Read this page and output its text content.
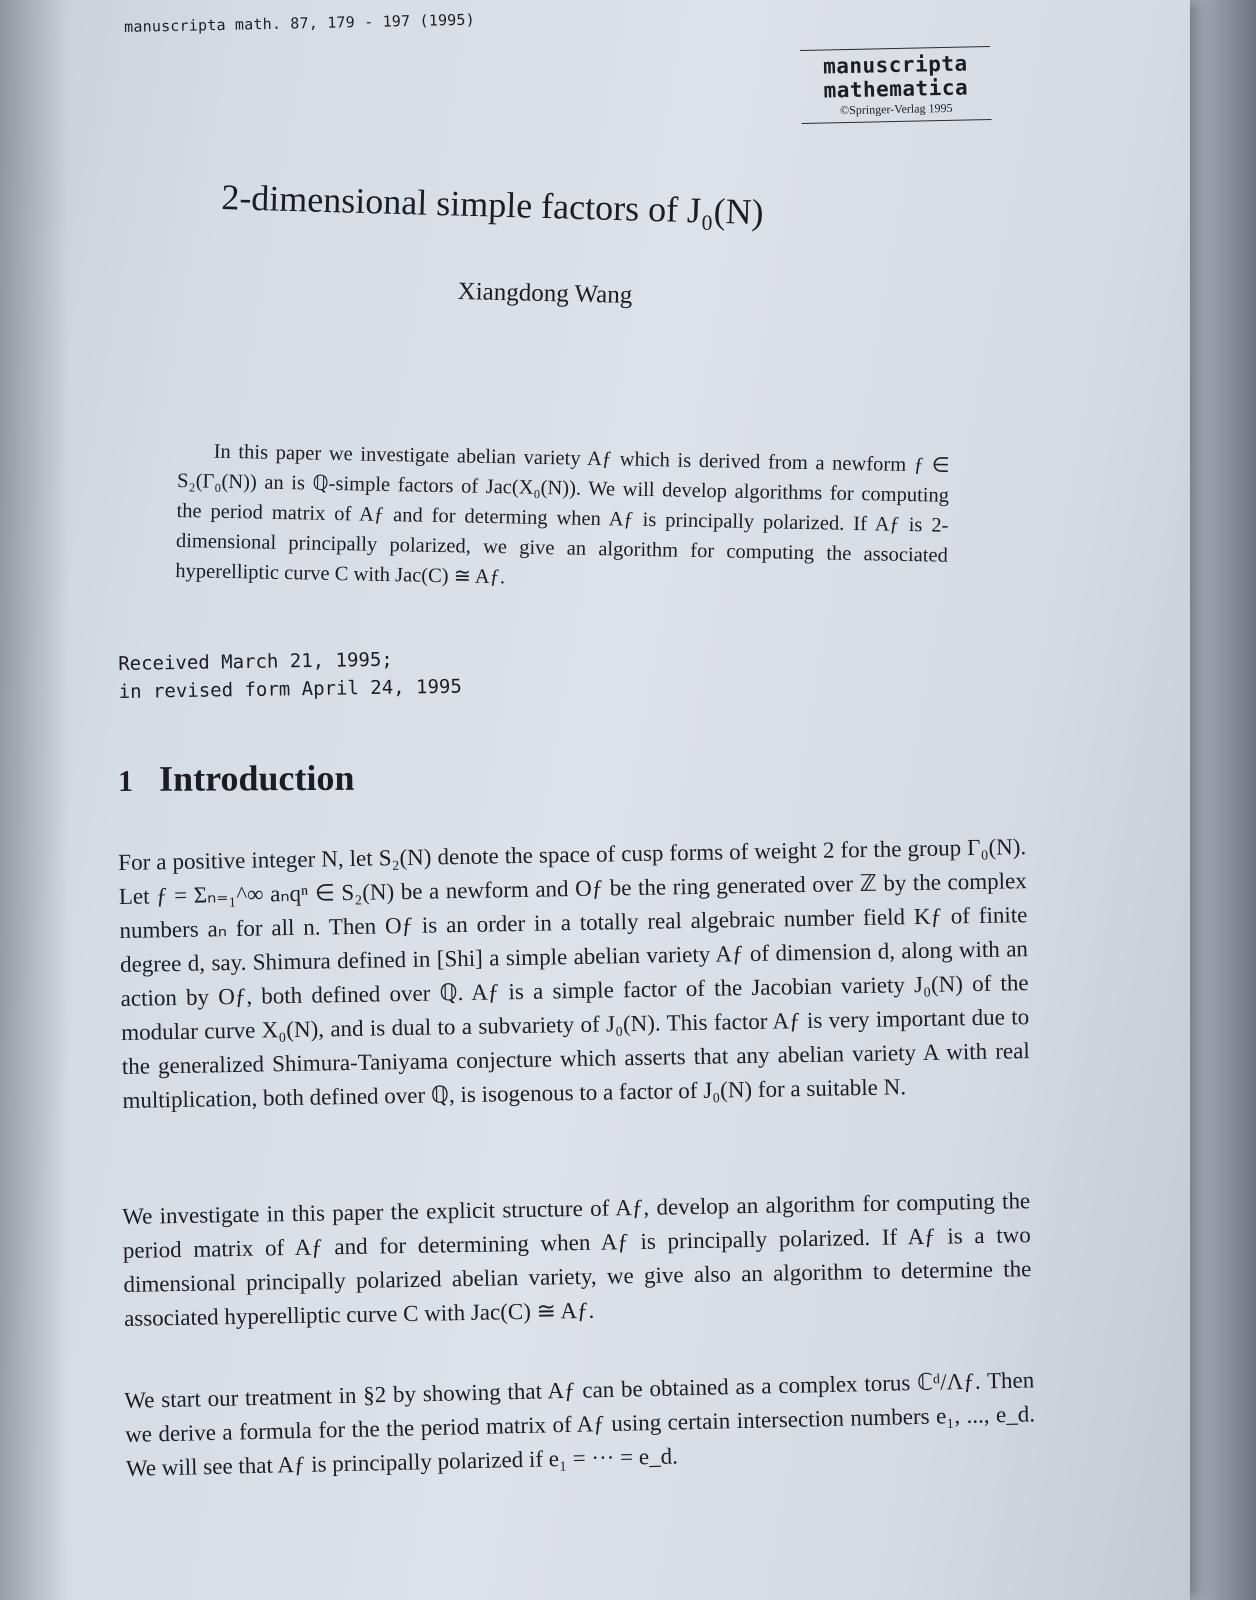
manuscripta math. 87, 179 - 197 (1995)
manuscripta
mathematica
©Springer-Verlag 1995
2-dimensional simple factors of J₀(N)
Xiangdong Wang
In this paper we investigate abelian variety Aƒ which is derived from a newform ƒ ∈ S₂(Γ₀(N)) an is ℚ-simple factors of Jac(X₀(N)). We will develop algorithms for computing the period matrix of Aƒ and for determing when Aƒ is principally polarized. If Aƒ is 2-dimensional principally polarized, we give an algorithm for computing the associated hyperelliptic curve C with Jac(C) ≅ Aƒ.
Received March 21, 1995;
in revised form April 24, 1995
1 Introduction
For a positive integer N, let S₂(N) denote the space of cusp forms of weight 2 for the group Γ₀(N). Let ƒ = Σₙ₌₁^∞ aₙqⁿ ∈ S₂(N) be a newform and Oƒ be the ring generated over ℤ by the complex numbers aₙ for all n. Then Oƒ is an order in a totally real algebraic number field Kƒ of finite degree d, say. Shimura defined in [Shi] a simple abelian variety Aƒ of dimension d, along with an action by Oƒ, both defined over ℚ. Aƒ is a simple factor of the Jacobian variety J₀(N) of the modular curve X₀(N), and is dual to a subvariety of J₀(N). This factor Aƒ is very important due to the generalized Shimura-Taniyama conjecture which asserts that any abelian variety A with real multiplication, both defined over ℚ, is isogenous to a factor of J₀(N) for a suitable N.
We investigate in this paper the explicit structure of Aƒ, develop an algorithm for computing the period matrix of Aƒ and for determining when Aƒ is principally polarized. If Aƒ is a two dimensional principally polarized abelian variety, we give also an algorithm to determine the associated hyperelliptic curve C with Jac(C) ≅ Aƒ.
We start our treatment in §2 by showing that Aƒ can be obtained as a complex torus ℂᵈ/Λƒ. Then we derive a formula for the the period matrix of Aƒ using certain intersection numbers e₁, ..., e_d. We will see that Aƒ is principally polarized if e₁ = ··· = e_d.
